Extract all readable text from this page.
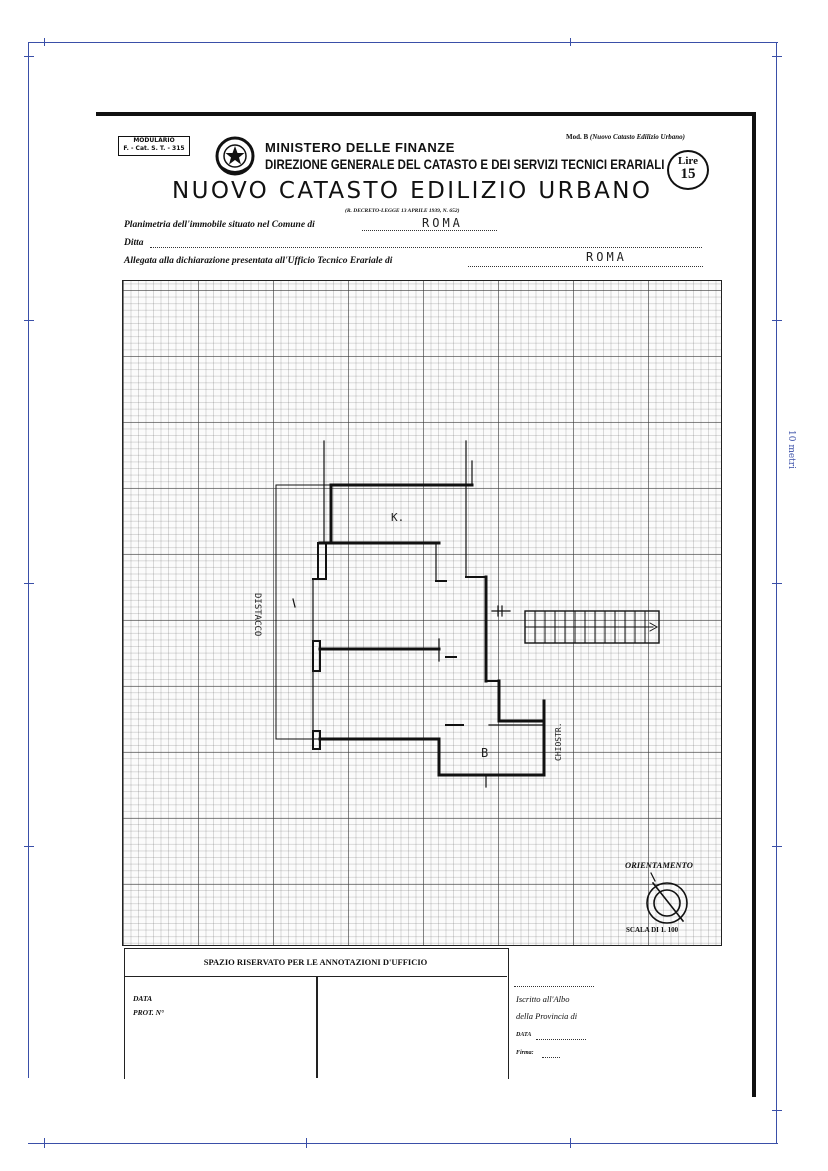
10 metri
MODULARIO
F. - Cat. S. T. - 315	MINISTERO DELLE FINANZE
DIREZIONE GENERALE DEL CATASTO E DEI SERVIZI TECNICI ERARIALI
Mod. B (Nuovo Catasto Edilizio Urbano)
Lire
15
NUOVO CATASTO EDILIZIO URBANO
(R. DECRETO-LEGGE 13 APRILE 1939, N. 652)
Planimetria dell'immobile situato nel Comune di	ROMA
Ditta
Allegata alla dichiarazione presentata all'Ufficio Tecnico Erariale di	ROMA
K.
B
DISTACCO
CHIOSTR.
ORIENTAMENTO
SCALA DI 1. 100
SPAZIO RISERVATO PER LE ANNOTAZIONI D'UFFICIO
DATA
PROT. N°
Iscritto all'Albo
della Provincia di
DATA
Firma:
